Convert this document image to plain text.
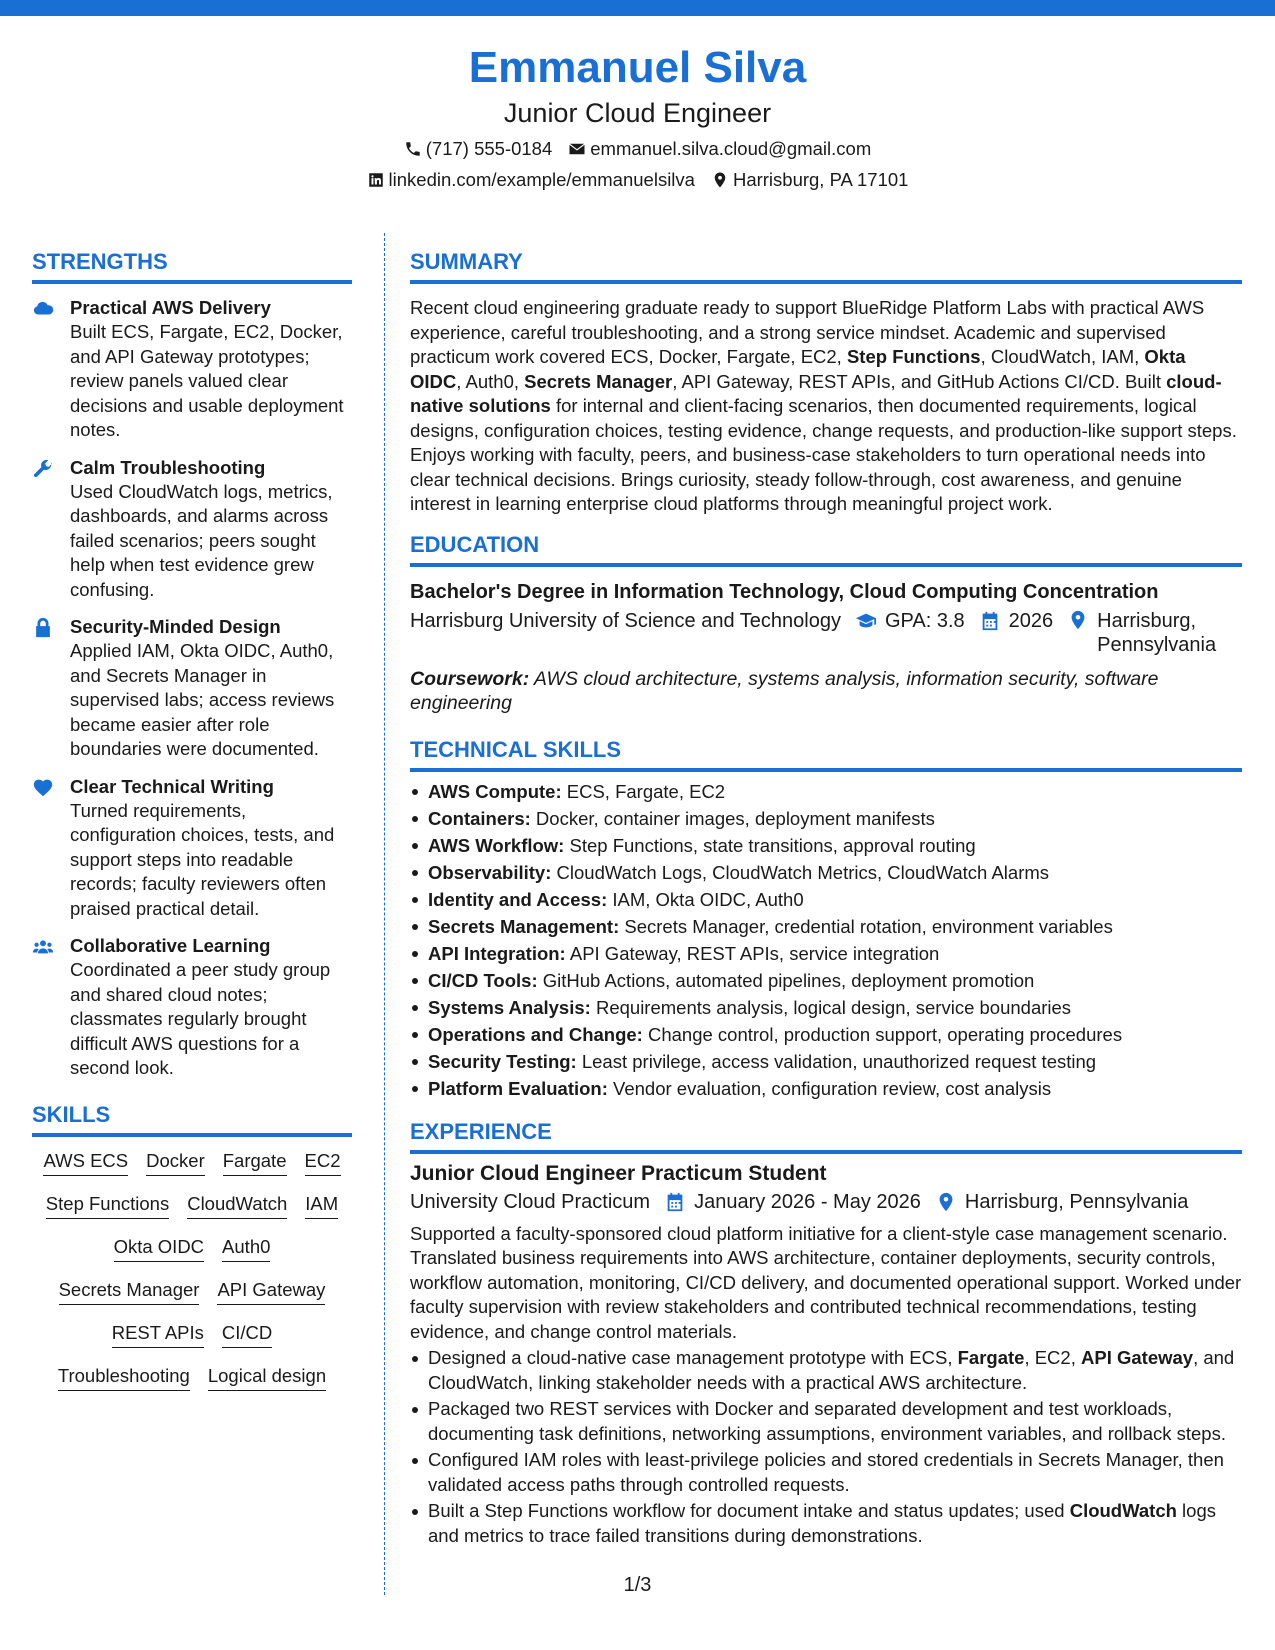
Emmanuel Silva
Junior Cloud Engineer
(717) 555-0184 emmanuel.silva.cloud@gmail.com
linkedin.com/example/emmanuelsilva Harrisburg, PA 17101
STRENGTHS
Practical AWS Delivery
Built ECS, Fargate, EC2, Docker, and API Gateway prototypes; review panels valued clear decisions and usable deployment notes.
Calm Troubleshooting
Used CloudWatch logs, metrics, dashboards, and alarms across failed scenarios; peers sought help when test evidence grew confusing.
Security-Minded Design
Applied IAM, Okta OIDC, Auth0, and Secrets Manager in supervised labs; access reviews became easier after role boundaries were documented.
Clear Technical Writing
Turned requirements, configuration choices, tests, and support steps into readable records; faculty reviewers often praised practical detail.
Collaborative Learning
Coordinated a peer study group and shared cloud notes; classmates regularly brought difficult AWS questions for a second look.
SKILLS
AWS ECS Docker Fargate EC2
Step Functions CloudWatch IAM
Okta OIDC Auth0
Secrets Manager API Gateway
REST APIs CI/CD
Troubleshooting Logical design
SUMMARY
Recent cloud engineering graduate ready to support BlueRidge Platform Labs with practical AWS experience, careful troubleshooting, and a strong service mindset. Academic and supervised practicum work covered ECS, Docker, Fargate, EC2, Step Functions, CloudWatch, IAM, Okta OIDC, Auth0, Secrets Manager, API Gateway, REST APIs, and GitHub Actions CI/CD. Built cloud-native solutions for internal and client-facing scenarios, then documented requirements, logical designs, configuration choices, testing evidence, change requests, and production-like support steps. Enjoys working with faculty, peers, and business-case stakeholders to turn operational needs into clear technical decisions. Brings curiosity, steady follow-through, cost awareness, and genuine interest in learning enterprise cloud platforms through meaningful project work.
EDUCATION
Bachelor's Degree in Information Technology, Cloud Computing Concentration
Harrisburg University of Science and Technology GPA: 3.8 2026 Harrisburg, Pennsylvania
Coursework: AWS cloud architecture, systems analysis, information security, software engineering
TECHNICAL SKILLS
AWS Compute: ECS, Fargate, EC2
Containers: Docker, container images, deployment manifests
AWS Workflow: Step Functions, state transitions, approval routing
Observability: CloudWatch Logs, CloudWatch Metrics, CloudWatch Alarms
Identity and Access: IAM, Okta OIDC, Auth0
Secrets Management: Secrets Manager, credential rotation, environment variables
API Integration: API Gateway, REST APIs, service integration
CI/CD Tools: GitHub Actions, automated pipelines, deployment promotion
Systems Analysis: Requirements analysis, logical design, service boundaries
Operations and Change: Change control, production support, operating procedures
Security Testing: Least privilege, access validation, unauthorized request testing
Platform Evaluation: Vendor evaluation, configuration review, cost analysis
EXPERIENCE
Junior Cloud Engineer Practicum Student
University Cloud Practicum January 2026 - May 2026 Harrisburg, Pennsylvania
Supported a faculty-sponsored cloud platform initiative for a client-style case management scenario. Translated business requirements into AWS architecture, container deployments, security controls, workflow automation, monitoring, CI/CD delivery, and documented operational support. Worked under faculty supervision with review stakeholders and contributed technical recommendations, testing evidence, and change control materials.
Designed a cloud-native case management prototype with ECS, Fargate, EC2, API Gateway, and CloudWatch, linking stakeholder needs with a practical AWS architecture.
Packaged two REST services with Docker and separated development and test workloads, documenting task definitions, networking assumptions, environment variables, and rollback steps.
Configured IAM roles with least-privilege policies and stored credentials in Secrets Manager, then validated access paths through controlled requests.
Built a Step Functions workflow for document intake and status updates; used CloudWatch logs and metrics to trace failed transitions during demonstrations.
1/3
